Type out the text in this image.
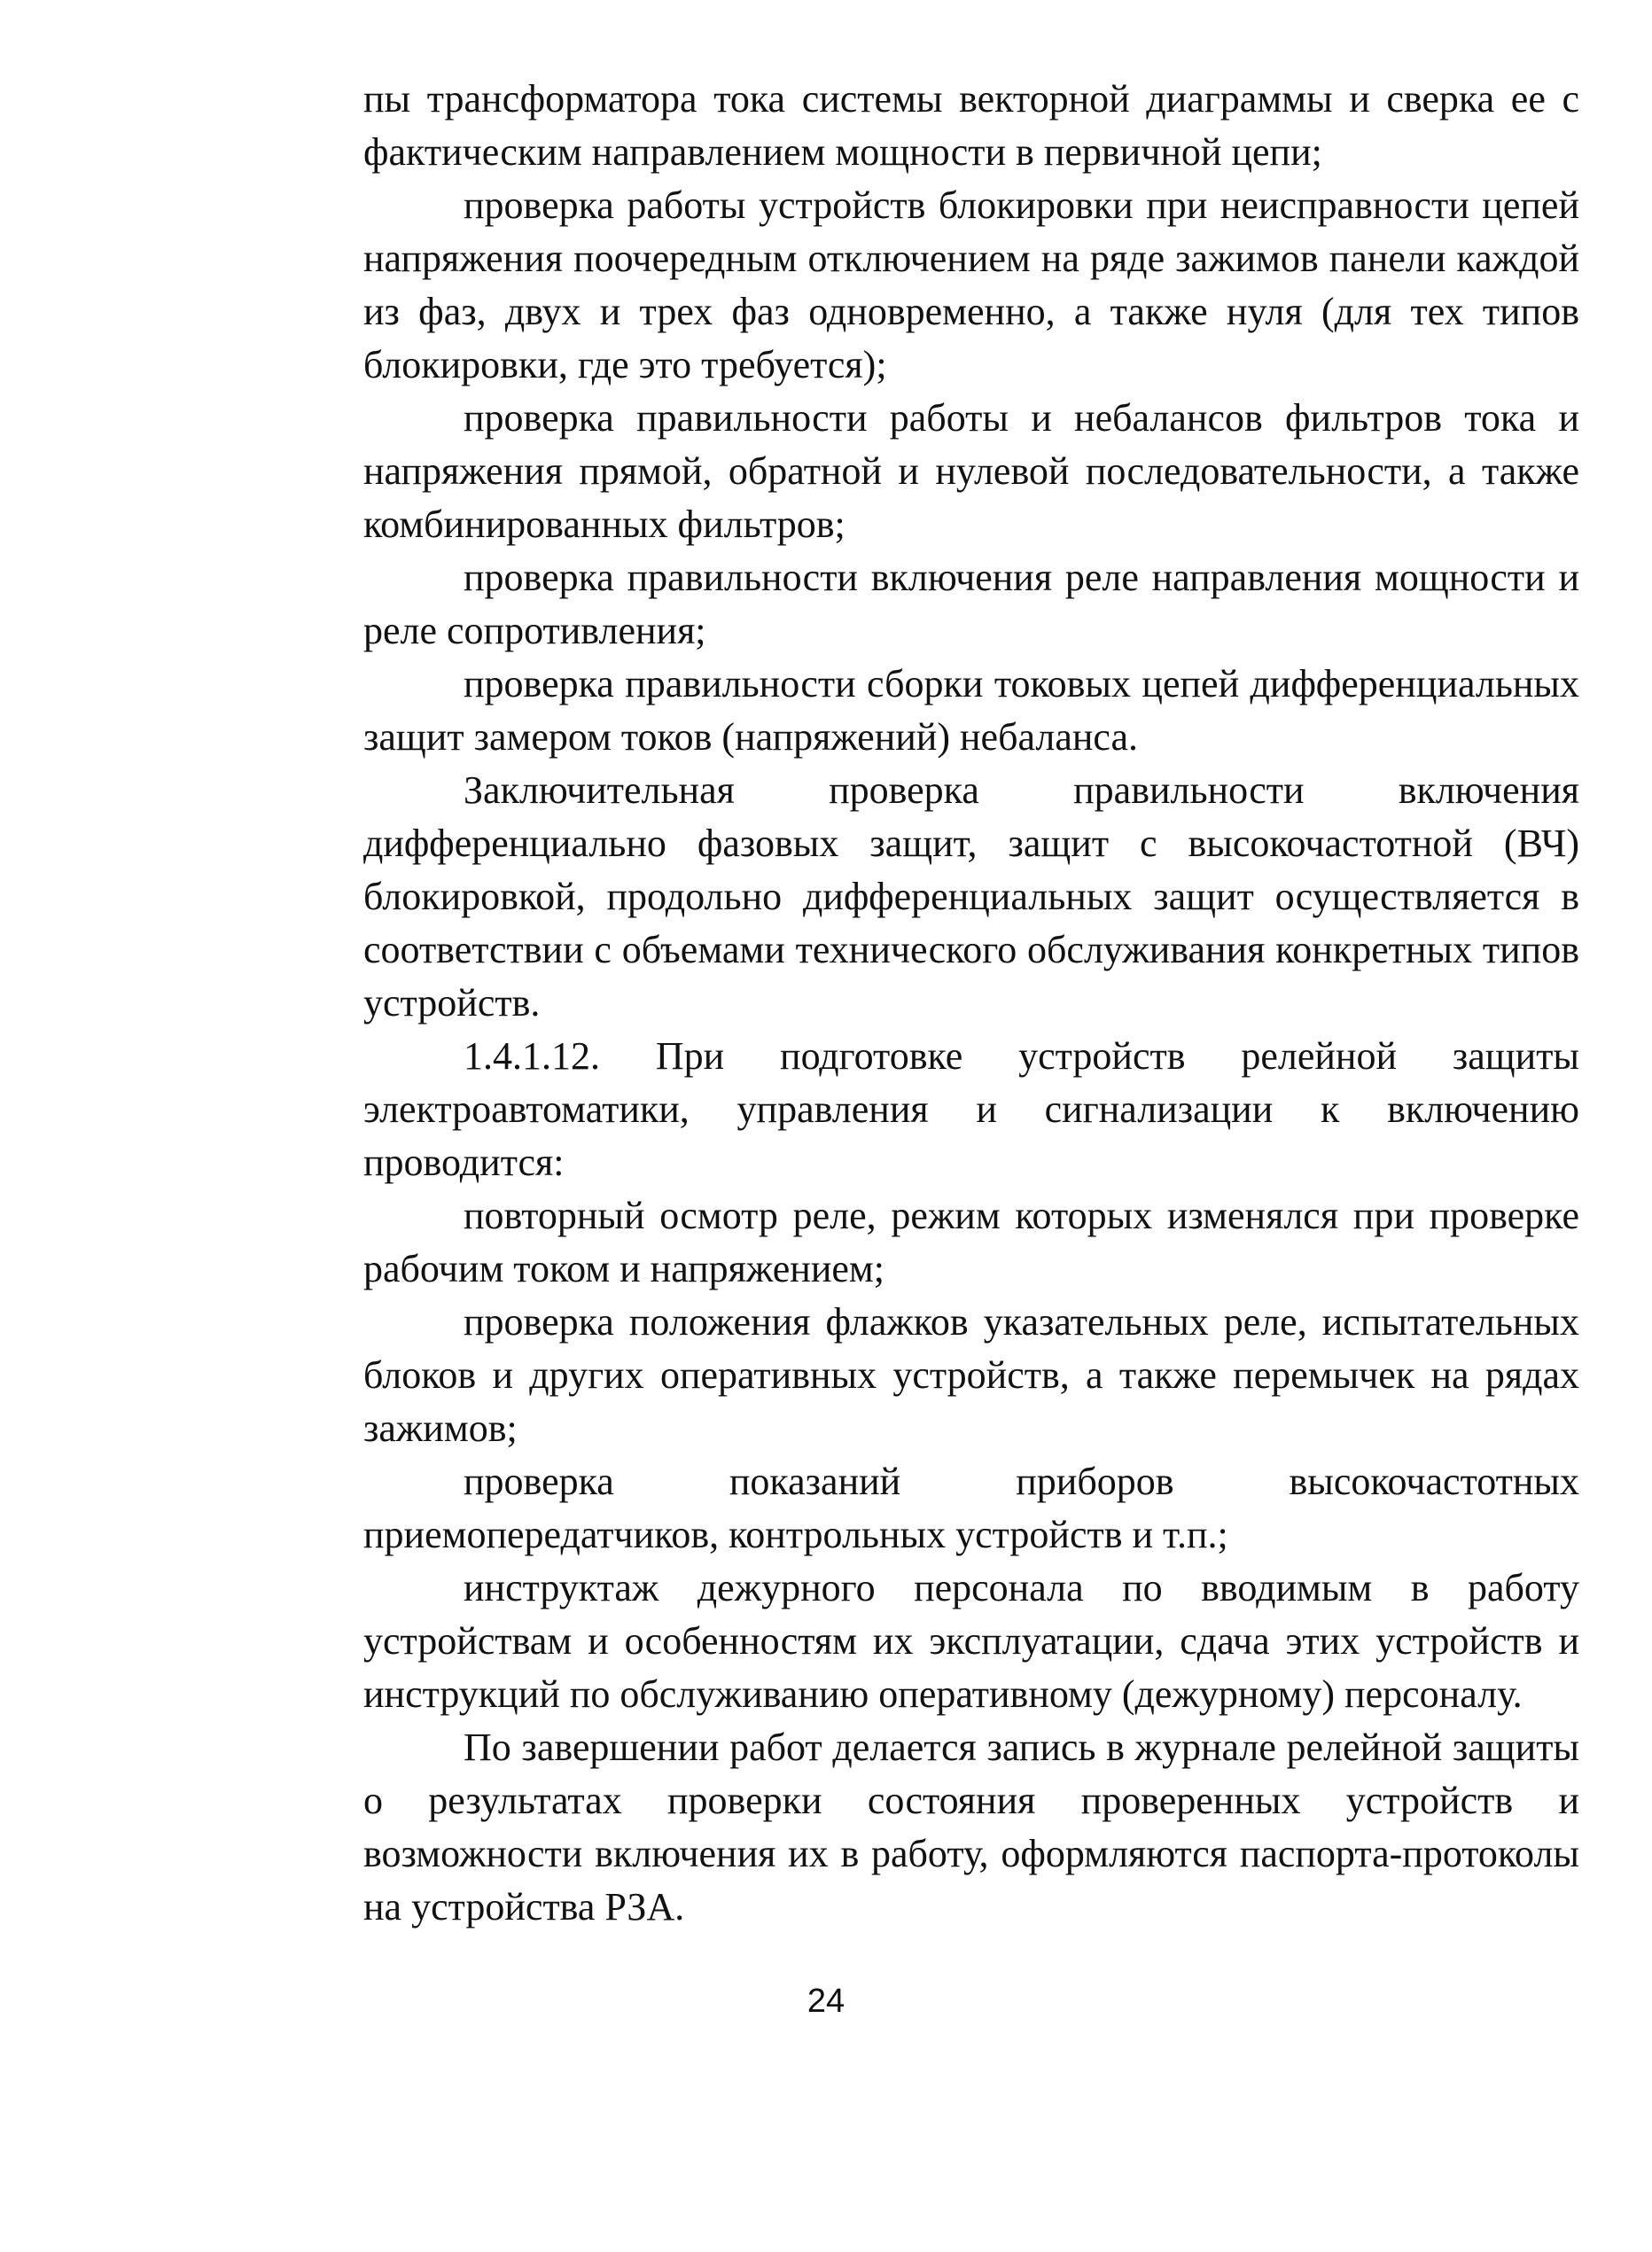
пы трансформатора тока системы векторной диаграммы и сверка ее с фактическим направлением мощности в первичной цепи;

проверка работы устройств блокировки при неисправности цепей напряжения поочередным отключением на ряде зажимов панели каждой из фаз, двух и трех фаз одновременно, а также нуля (для тех типов блокировки, где это требуется);

проверка правильности работы и небалансов фильтров тока и напряжения прямой, обратной и нулевой последовательности, а также комбинированных фильтров;

проверка правильности включения реле направления мощности и реле сопротивления;

проверка правильности сборки токовых цепей дифференциальных защит замером токов (напряжений) небаланса.

Заключительная проверка правильности включения дифференциально фазовых защит, защит с высокочастотной (ВЧ) блокировкой, продольно дифференциальных защит осуществляется в соответствии с объемами технического обслуживания конкретных типов устройств.

1.4.1.12. При подготовке устройств релейной защиты электроавтоматики, управления и сигнализации к включению проводится:

повторный осмотр реле, режим которых изменялся при проверке рабочим током и напряжением;

проверка положения флажков указательных реле, испытательных блоков и других оперативных устройств, а также перемычек на рядах зажимов;

проверка показаний приборов высокочастотных приемопередатчиков, контрольных устройств и т.п.;

инструктаж дежурного персонала по вводимым в работу устройствам и особенностям их эксплуатации, сдача этих устройств и инструкций по обслуживанию оперативному (дежурному) персоналу.

По завершении работ делается запись в журнале релейной защиты о результатах проверки состояния проверенных устройств и возможности включения их в работу, оформляются паспорта-протоколы на устройства РЗА.

24
